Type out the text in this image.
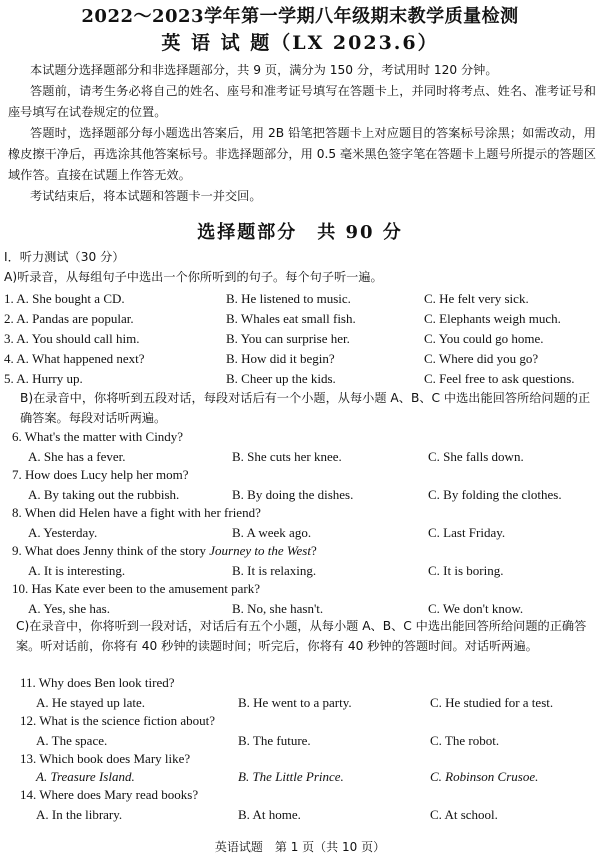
2022～2023学年第一学期八年级期末教学质量检测
英 语 试 题（LX 2023.6）
本试题分选择题部分和非选择题部分，共 9 页，满分为 150 分，考试用时 120 分钟。
答题前，请考生务必将自己的姓名、座号和准考证号填写在答题卡上，并同时将考点、姓名、准考证号和座号填写在试卷规定的位置。
答题时，选择题部分每小题选出答案后，用 2B 铅笔把答题卡上对应题目的答案标号涂黑；如需改动，用橡皮擦干净后，再选涂其他答案标号。非选择题部分，用 0.5 毫米黑色签字笔在答题卡上题号所提示的答题区域作答。直接在试题上作答无效。
考试结束后，将本试题和答题卡一并交回。
选择题部分　共 90 分
I．听力测试（30 分）
A)听录音，从每组句子中选出一个你所听到的句子。每个句子听一遍。
1. A. She bought a CD.	B. He listened to music.	C. He felt very sick.
2. A. Pandas are popular.	B. Whales eat small fish.	C. Elephants weigh much.
3. A. You should call him.	B. You can surprise her.	C. You could go home.
4. A. What happened next?	B. How did it begin?	C. Where did you go?
5. A. Hurry up.	B. Cheer up the kids.	C. Feel free to ask questions.
B)在录音中，你将听到五段对话，每段对话后有一个小题，从每小题 A、B、C 中选出能回答所给问题的正确答案。每段对话听两遍。
6. What's the matter with Cindy?
A. She has a fever.	B. She cuts her knee.	C. She falls down.
7. How does Lucy help her mom?
A. By taking out the rubbish.	B. By doing the dishes.	C. By folding the clothes.
8. When did Helen have a fight with her friend?
A. Yesterday.	B. A week ago.	C. Last Friday.
9. What does Jenny think of the story Journey to the West?
A. It is interesting.	B. It is relaxing.	C. It is boring.
10. Has Kate ever been to the amusement park?
A. Yes, she has.	B. No, she hasn't.	C. We don't know.
C)在录音中，你将听到一段对话，对话后有五个小题，从每小题 A、B、C 中选出能回答所给问题的正确答案。听对话前，你将有 40 秒钟的读题时间；听完后，你将有 40 秒钟的答题时间。对话听两遍。
11. Why does Ben look tired?
A. He stayed up late.	B. He went to a party.	C. He studied for a test.
12. What is the science fiction about?
A. The space.	B. The future.	C. The robot.
13. Which book does Mary like?
A. Treasure Island.	B. The Little Prince.	C. Robinson Crusoe.
14. Where does Mary read books?
A. In the library.	B. At home.	C. At school.
英语试题　第 1 页（共 10 页）
